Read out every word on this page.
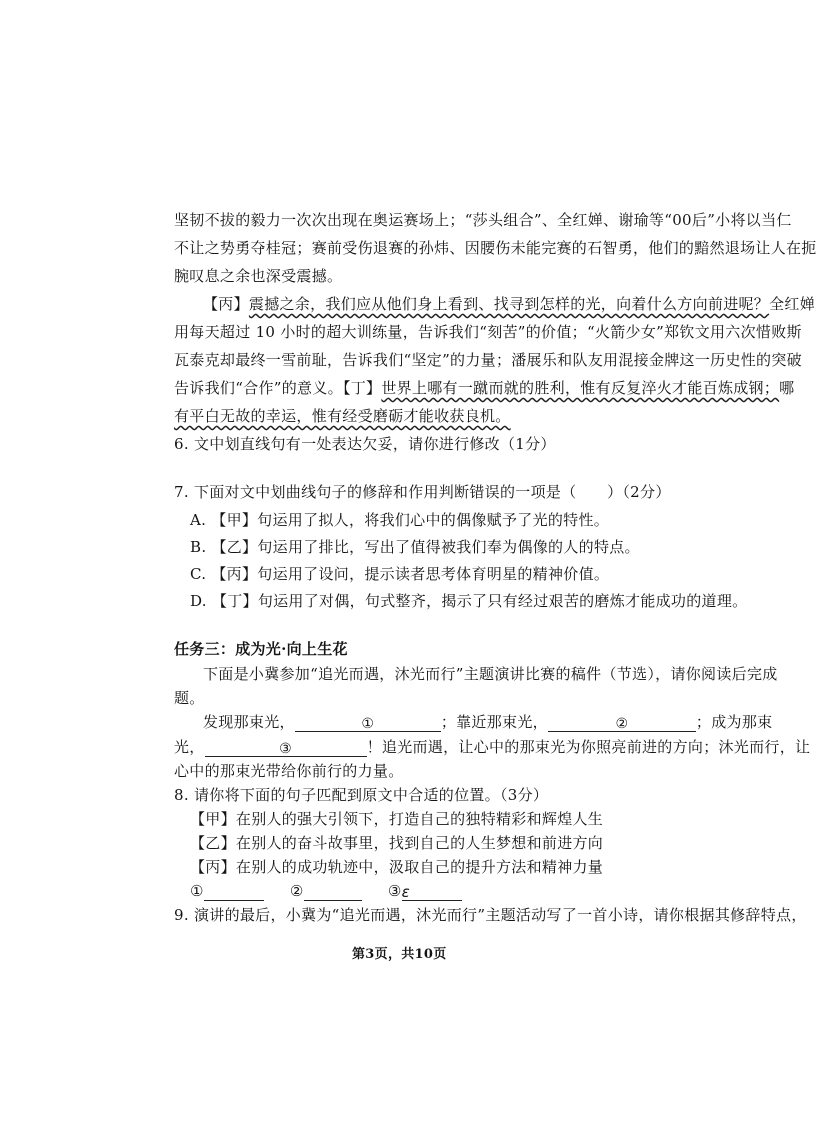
坚韧不拔的毅力一次次出现在奥运赛场上；“莎头组合”、全红婵、谢瑜等“00后”小将以当仁
不让之势勇夺桂冠；赛前受伤退赛的孙炜、因腰伤未能完赛的石智勇，他们的黯然退场让人在扼
腕叹息之余也深受震撼。
【丙】震撼之余，我们应从他们身上看到、找寻到怎样的光，向着什么方向前进呢？全红婵
用每天超过 10 小时的超大训练量，告诉我们“刻苦”的价值；“火箭少女”郑钦文用六次惜败斯
瓦泰克却最终一雪前耻，告诉我们“坚定”的力量；潘展乐和队友用混接金牌这一历史性的突破
告诉我们“合作”的意义。【丁】世界上哪有一蹴而就的胜利，惟有反复淬火才能百炼成钢；哪
有平白无故的幸运，惟有经受磨砺才能收获良机。
6. 文中划直线句有一处表达欠妥，请你进行修改（1分）
7. 下面对文中划曲线句子的修辞和作用判断错误的一项是（　　）（2分）
A. 【甲】句运用了拟人，将我们心中的偶像赋予了光的特性。
B. 【乙】句运用了排比，写出了值得被我们奉为偶像的人的特点。
C. 【丙】句运用了设问，提示读者思考体育明星的精神价值。
D. 【丁】句运用了对偶，句式整齐，揭示了只有经过艰苦的磨炼才能成功的道理。
任务三：成为光·向上生花
下面是小冀参加“追光而遇，沐光而行”主题演讲比赛的稿件（节选），请你阅读后完成
题。
发现那束光，	①	；靠近那束光，	②	；成为那束
光，	③	！追光而遇，让心中的那束光为你照亮前进的方向；沐光而行，让
心中的那束光带给你前行的力量。
8. 请你将下面的句子匹配到原文中合适的位置。（3分）
【甲】在别人的强大引领下，打造自己的独特精彩和辉煌人生
【乙】在别人的奋斗故事里，找到自己的人生梦想和前进方向
【丙】在别人的成功轨迹中，汲取自己的提升方法和精神力量
①	②	③ɛ
9. 演讲的最后，小冀为“追光而遇，沐光而行”主题活动写了一首小诗，请你根据其修辞特点，
第3页，共10页
